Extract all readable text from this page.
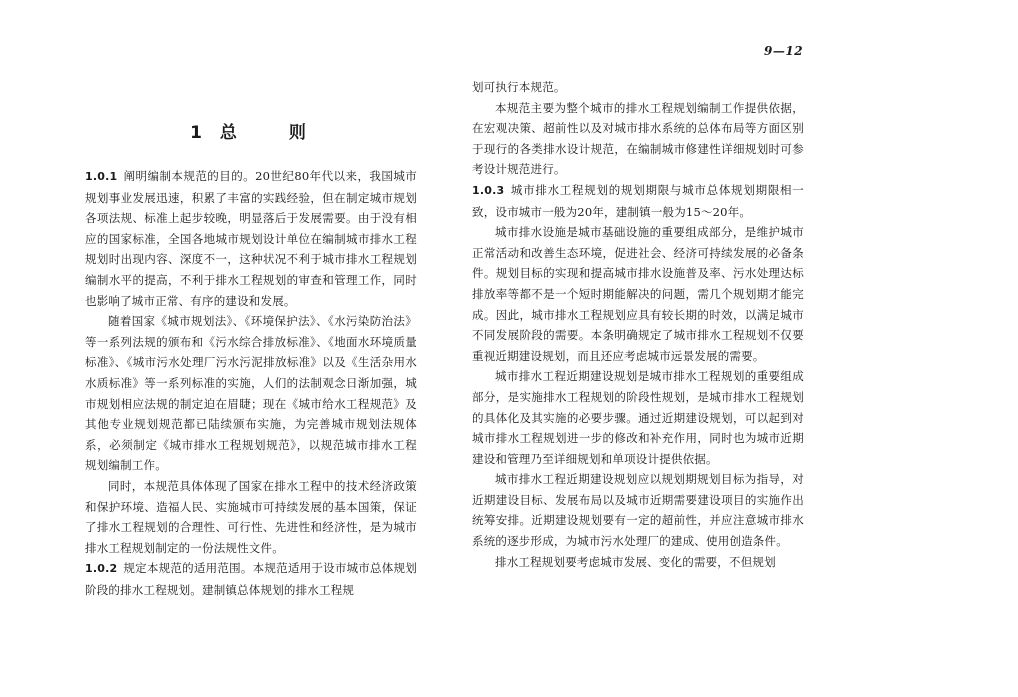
9—12
1 总　　则

1.0.1 阐明编制本规范的目的。20世纪80年代以来，我国城市规划事业发展迅速，积累了丰富的实践经验，但在制定城市规划各项法规、标准上起步较晚，明显落后于发展需要。由于没有相应的国家标准，全国各地城市规划设计单位在编制城市排水工程规划时出现内容、深度不一，这种状况不利于城市排水工程规划编制水平的提高，不利于排水工程规划的审查和管理工作，同时也影响了城市正常、有序的建设和发展。

随着国家《城市规划法》、《环境保护法》、《水污染防治法》等一系列法规的颁布和《污水综合排放标准》、《地面水环境质量标准》、《城市污水处理厂污水污泥排放标准》以及《生活杂用水水质标准》等一系列标准的实施，人们的法制观念日渐加强，城市规划相应法规的制定迫在眉睫；现在《城市给水工程规范》及其他专业规划规范都已陆续颁布实施，为完善城市规划法规体系，必须制定《城市排水工程规划规范》，以规范城市排水工程规划编制工作。

同时，本规范具体体现了国家在排水工程中的技术经济政策和保护环境、造福人民、实施城市可持续发展的基本国策，保证了排水工程规划的合理性、可行性、先进性和经济性，是为城市排水工程规划制定的一份法规性文件。

1.0.2 规定本规范的适用范围。本规范适用于设市城市总体规划阶段的排水工程规划。建制镇总体规划的排水工程规

划可执行本规范。

本规范主要为整个城市的排水工程规划编制工作提供依据，在宏观决策、超前性以及对城市排水系统的总体布局等方面区别于现行的各类排水设计规范，在编制城市修建性详细规划时可参考设计规范进行。

1.0.3 城市排水工程规划的规划期限与城市总体规划期限相一致，设市城市一般为20年，建制镇一般为15～20年。

城市排水设施是城市基础设施的重要组成部分，是维护城市正常活动和改善生态环境，促进社会、经济可持续发展的必备条件。规划目标的实现和提高城市排水设施普及率、污水处理达标排放率等都不是一个短时期能解决的问题，需几个规划期才能完成。因此，城市排水工程规划应具有较长期的时效，以满足城市不同发展阶段的需要。本条明确规定了城市排水工程规划不仅要重视近期建设规划，而且还应考虑城市远景发展的需要。

城市排水工程近期建设规划是城市排水工程规划的重要组成部分，是实施排水工程规划的阶段性规划，是城市排水工程规划的具体化及其实施的必要步骤。通过近期建设规划，可以起到对城市排水工程规划进一步的修改和补充作用，同时也为城市近期建设和管理乃至详细规划和单项设计提供依据。

城市排水工程近期建设规划应以规划期规划目标为指导，对近期建设目标、发展布局以及城市近期需要建设项目的实施作出统筹安排。近期建设规划要有一定的超前性，并应注意城市排水系统的逐步形成，为城市污水处理厂的建成、使用创造条件。

排水工程规划要考虑城市发展、变化的需要，不但规划
